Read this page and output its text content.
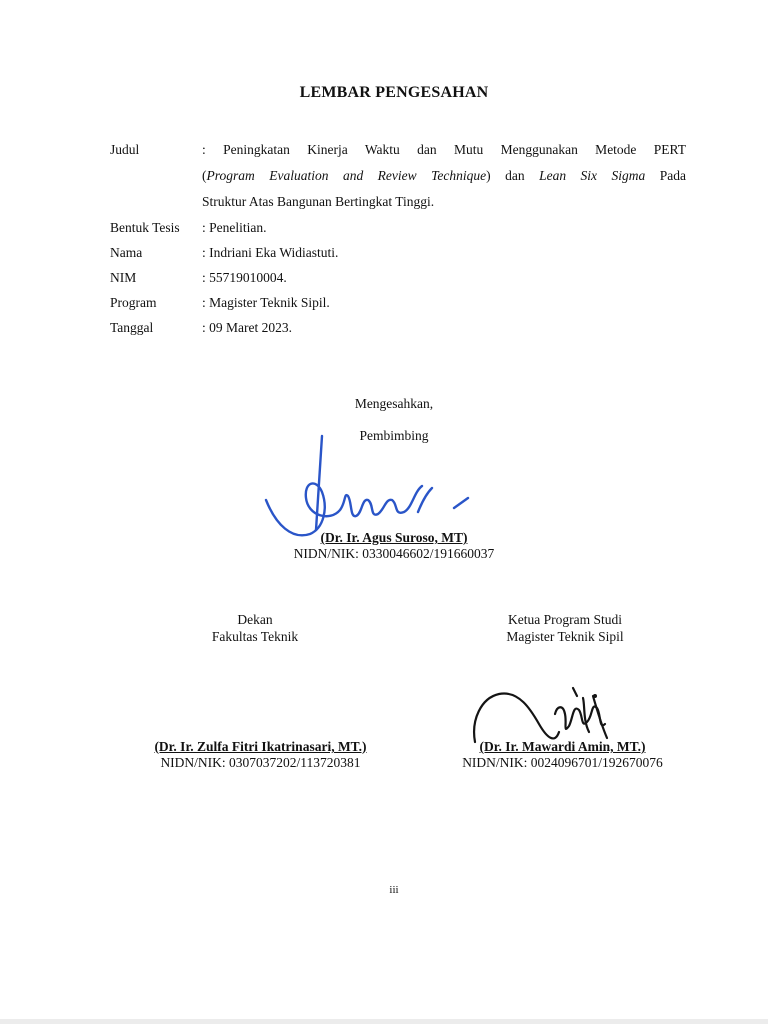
LEMBAR PENGESAHAN
Judul	: Peningkatan Kinerja Waktu dan Mutu Menggunakan Metode PERT
(Program Evaluation and Review Technique) dan Lean Six Sigma Pada
Struktur Atas Bangunan Bertingkat Tinggi.
Bentuk Tesis : Penelitian.
Nama	: Indriani Eka Widiastuti.
NIM	: 55719010004.
Program	: Magister Teknik Sipil.
Tanggal	: 09 Maret 2023.
Mengesahkan,
Pembimbing
(Dr. Ir. Agus Suroso, MT)
NIDN/NIK: 0330046602/191660037
Dekan
Fakultas Teknik
(Dr. Ir. Zulfa Fitri Ikatrinasari, MT.)
NIDN/NIK: 0307037202/113720381
Ketua Program Studi
Magister Teknik Sipil
(Dr. Ir. Mawardi Amin, MT.)
NIDN/NIK: 0024096701/192670076
iii
